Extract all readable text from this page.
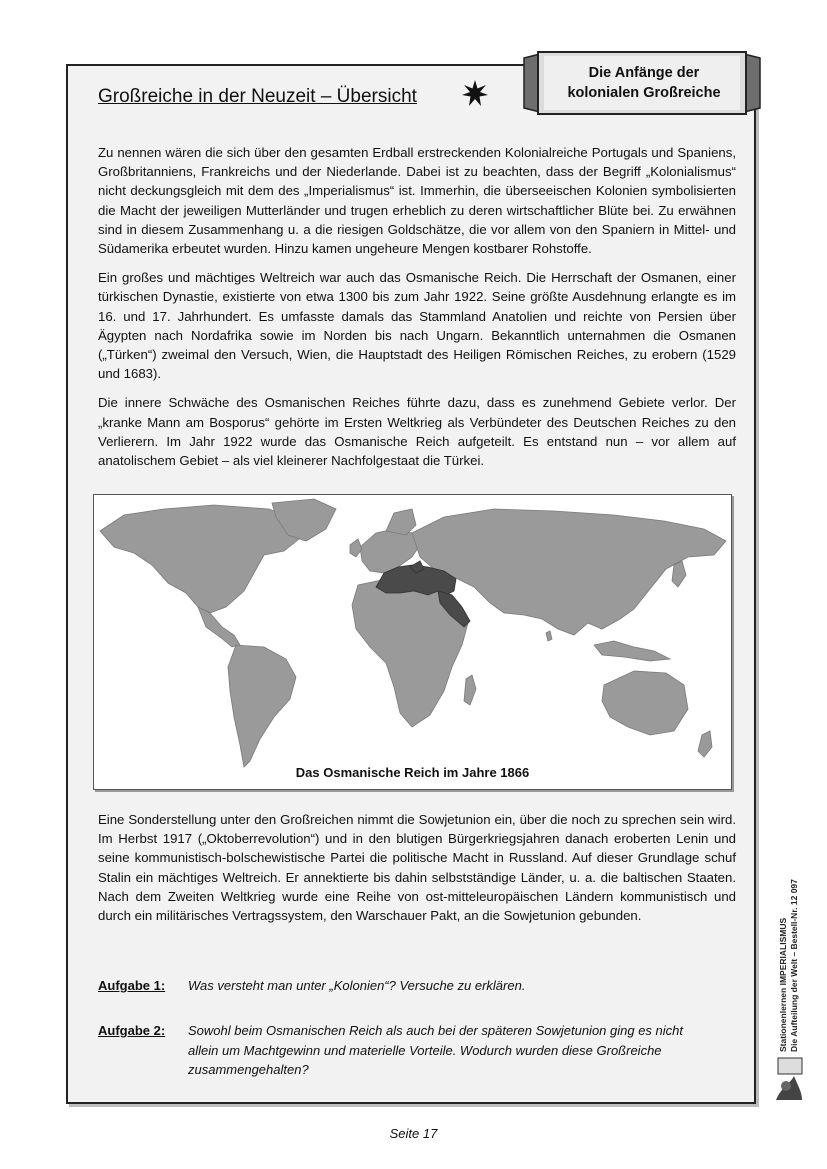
Großreiche in der Neuzeit – Übersicht
Die Anfänge der
kolonialen Großreiche

Zu nennen wären die sich über den gesamten Erdball erstreckenden Kolonialreiche Portugals und Spaniens, Großbritanniens, Frankreichs und der Niederlande. Dabei ist zu beachten, dass der Begriff „Kolonialismus“ nicht deckungsgleich mit dem des „Imperialismus“ ist. Immerhin, die überseeischen Kolonien symbolisierten die Macht der jeweiligen Mutterländer und trugen erheblich zu deren wirtschaftlicher Blüte bei. Zu erwähnen sind in diesem Zusammenhang u. a die riesigen Goldschätze, die vor allem von den Spaniern in Mittel- und Südamerika erbeutet wurden. Hinzu kamen ungeheure Mengen kostbarer Rohstoffe.

Ein großes und mächtiges Weltreich war auch das Osmanische Reich. Die Herrschaft der Osmanen, einer türkischen Dynastie, existierte von etwa 1300 bis zum Jahr 1922. Seine größte Ausdehnung erlangte es im 16. und 17. Jahrhundert. Es umfasste damals das Stammland Anatolien und reichte von Persien über Ägypten nach Nordafrika sowie im Norden bis nach Ungarn. Bekanntlich unternahmen die Osmanen („Türken“) zweimal den Versuch, Wien, die Hauptstadt des Heiligen Römischen Reiches, zu erobern (1529 und 1683).

Die innere Schwäche des Osmanischen Reiches führte dazu, dass es zunehmend Gebiete verlor. Der „kranke Mann am Bosporus“ gehörte im Ersten Weltkrieg als Verbündeter des Deutschen Reiches zu den Verlierern. Im Jahr 1922 wurde das Osmanische Reich aufgeteilt. Es entstand nun – vor allem auf anatolischem Gebiet – als viel kleinerer Nachfolgestaat die Türkei.

Das Osmanische Reich im Jahre 1866

Eine Sonderstellung unter den Großreichen nimmt die Sowjetunion ein, über die noch zu sprechen sein wird. Im Herbst 1917 („Oktoberrevolution“) und in den blutigen Bürgerkriegsjahren danach eroberten Lenin und seine kommunistisch-bolschewistische Partei die politische Macht in Russland. Auf dieser Grundlage schuf Stalin ein mächtiges Weltreich. Er annektierte bis dahin selbstständige Länder, u. a. die baltischen Staaten. Nach dem Zweiten Weltkrieg wurde eine Reihe von ost-mitteleuropäischen Ländern kommunistisch und durch ein militärisches Vertragssystem, den Warschauer Pakt, an die Sowjetunion gebunden.

Aufgabe 1: Was versteht man unter „Kolonien“? Versuche zu erklären.
Aufgabe 2: Sowohl beim Osmanischen Reich als auch bei der späteren Sowjetunion ging es nicht allein um Machtgewinn und materielle Vorteile. Wodurch wurden diese Großreiche zusammengehalten?
Stationenlernen IMPERIALISMUS Die Aufteilung der Welt – Bestell-Nr. 12 097
Seite 17
